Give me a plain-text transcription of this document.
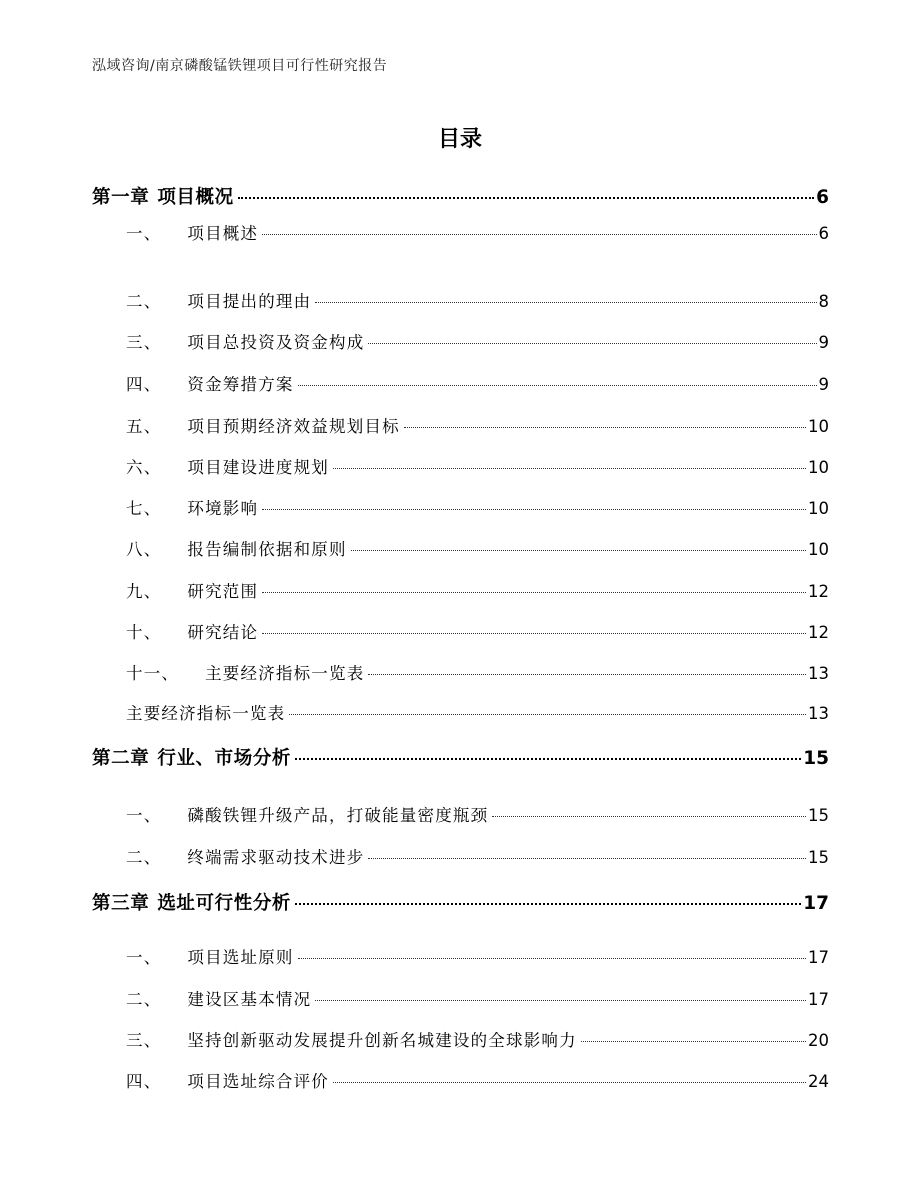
泓域咨询/南京磷酸锰铁锂项目可行性研究报告
目录
第一章 项目概况	6
一、 项目概述	6
二、 项目提出的理由	8
三、 项目总投资及资金构成	9
四、 资金筹措方案	9
五、 项目预期经济效益规划目标	10
六、 项目建设进度规划	10
七、 环境影响	10
八、 报告编制依据和原则	10
九、 研究范围	12
十、 研究结论	12
十一、 主要经济指标一览表	13
主要经济指标一览表	13
第二章 行业、市场分析	15
一、 磷酸铁锂升级产品，打破能量密度瓶颈	15
二、 终端需求驱动技术进步	15
第三章 选址可行性分析	17
一、 项目选址原则	17
二、 建设区基本情况	17
三、 坚持创新驱动发展提升创新名城建设的全球影响力	20
四、 项目选址综合评价	24
